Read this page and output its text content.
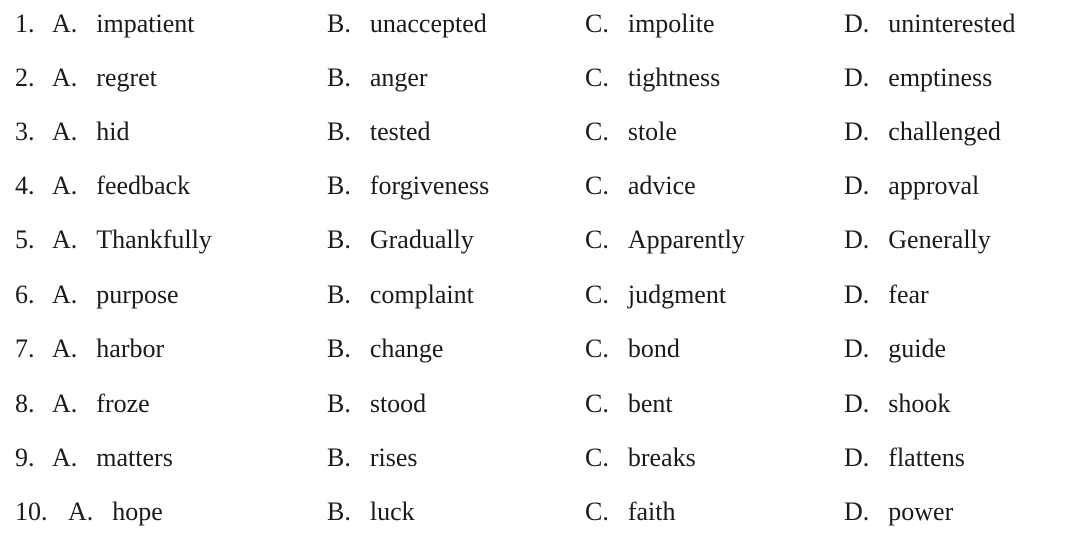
1. A. impatient	B. unaccepted	C. impolite	D. uninterested
2. A. regret	B. anger	C. tightness	D. emptiness
3. A. hid	B. tested	C. stole	D. challenged
4. A. feedback	B. forgiveness	C. advice	D. approval
5. A. Thankfully	B. Gradually	C. Apparently	D. Generally
6. A. purpose	B. complaint	C. judgment	D. fear
7. A. harbor	B. change	C. bond	D. guide
8. A. froze	B. stood	C. bent	D. shook
9. A. matters	B. rises	C. breaks	D. flattens
10. A. hope	B. luck	C. faith	D. power
